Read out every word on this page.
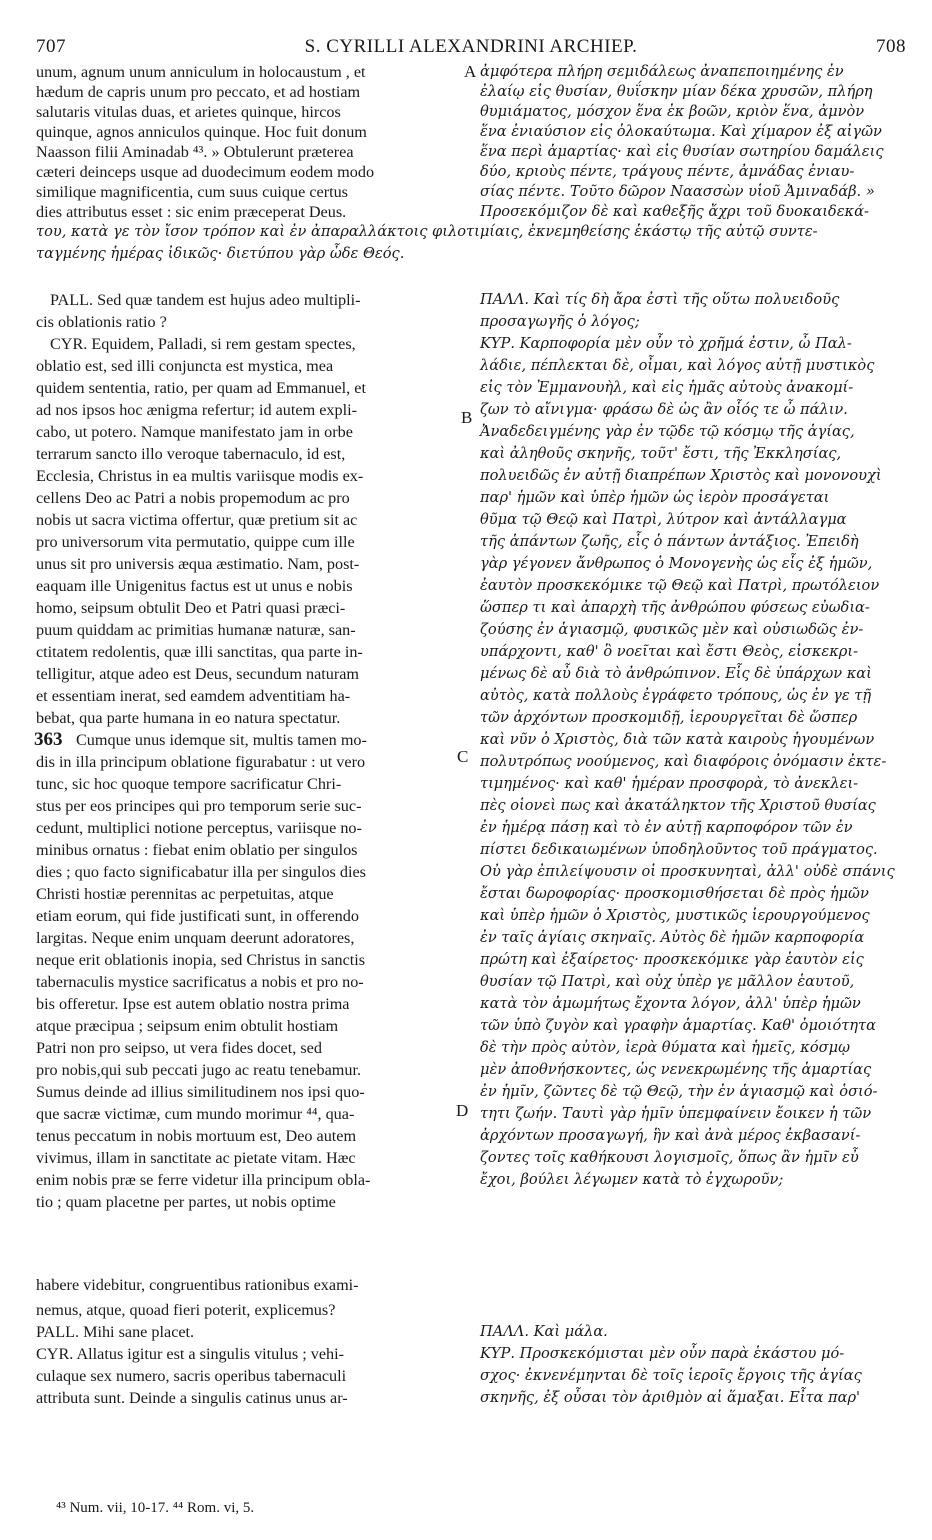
707	S. CYRILLI ALEXANDRINI ARCHIEP.	708
A
B
C
D
unum, agnum unum anniculum in holocaustum , et
hædum de capris unum pro peccato, et ad hostiam
salutaris vitulas duas, et arietes quinque, hircos
quinque, agnos anniculos quinque. Hoc fuit donum
Naasson filii Aminadab ⁴³. » Obtulerunt præterea
cæteri deinceps usque ad duodecimum eodem modo
similique magnificentia, cum suus cuique certus
dies attributus esset : sic enim præceperat Deus.
ἀμφότερα πλήρη σεμιδάλεως ἀναπεποιημένης ἐν
ἐλαίῳ εἰς θυσίαν, θυΐσκην μίαν δέκα χρυσῶν, πλήρη
θυμιάματος, μόσχον ἕνα ἐκ βοῶν, κριὸν ἕνα, ἀμνὸν
ἕνα ἐνιαύσιον εἰς ὁλοκαύτωμα. Καὶ χίμαρον ἐξ αἰγῶν
ἕνα περὶ ἁμαρτίας· καὶ εἰς θυσίαν σωτηρίου δαμάλεις
δύο, κριοὺς πέντε, τράγους πέντε, ἀμνάδας ἐνιαυ-
σίας πέντε. Τοῦτο δῶρον Ναασσὼν υἱοῦ Ἀμιναδάβ. »
Προσεκόμιζον δὲ καὶ καθεξῆς ἄχρι τοῦ δυοκαιδεκά-
του, κατὰ γε τὸν ἴσον τρόπον καὶ ἐν ἀπαραλλάκτοις φιλοτιμίαις, ἐκνεμηθείσης ἑκάστῳ τῆς αὐτῷ συντε-
ταγμένης ἡμέρας ἰδικῶς· διετύπου γὰρ ὧδε Θεός.
PALL. Sed quæ tandem est hujus adeo multipli-
cis oblationis ratio ?
CYR. Equidem, Palladi, si rem gestam spectes,
oblatio est, sed illi conjuncta est mystica, mea
quidem sententia, ratio, per quam ad Emmanuel, et
ad nos ipsos hoc ænigma refertur; id autem expli-
cabo, ut potero. Namque manifestato jam in orbe
terrarum sancto illo veroque tabernaculo, id est,
Ecclesia, Christus in ea multis variisque modis ex-
cellens Deo ac Patri a nobis propemodum ac pro
nobis ut sacra victima offertur, quæ pretium sit ac
pro universorum vita permutatio, quippe cum ille
unus sit pro universis æqua æstimatio. Nam, post-
eaquam ille Unigenitus factus est ut unus e nobis
homo, seipsum obtulit Deo et Patri quasi præci-
puum quiddam ac primitias humanæ naturæ, san-
ctitatem redolentis, quæ illi sanctitas, qua parte in-
telligitur, atque adeo est Deus, secundum naturam
et essentiam inerat, sed eamdem adventitiam ha-
bebat, qua parte humana in eo natura spectatur.
Cumque unus idemque sit, multis tamen mo-
dis in illa principum oblatione figurabatur : ut vero
tunc, sic hoc quoque tempore sacrificatur Chri-
stus per eos principes qui pro temporum serie suc-
cedunt, multiplici notione perceptus, variisque no-
minibus ornatus : fiebat enim oblatio per singulos
dies ; quo facto significabatur illa per singulos dies
Christi hostiæ perennitas ac perpetuitas, atque
etiam eorum, qui fide justificati sunt, in offerendo
largitas. Neque enim unquam deerunt adoratores,
neque erit oblationis inopia, sed Christus in sanctis
tabernaculis mystice sacrificatus a nobis et pro no-
bis offeretur. Ipse est autem oblatio nostra prima
atque præcipua ; seipsum enim obtulit hostiam
Patri non pro seipso, ut vera fides docet, sed
pro nobis,qui sub peccati jugo ac reatu tenebamur.
Sumus deinde ad illius similitudinem nos ipsi quo-
que sacræ victimæ, cum mundo morimur ⁴⁴, qua-
tenus peccatum in nobis mortuum est, Deo autem
vivimus, illam in sanctitate ac pietate vitam. Hæc
enim nobis præ se ferre videtur illa principum obla-
tio ; quam placetne per partes, ut nobis optime
363
ΠΑΛΛ. Καὶ τίς δὴ ἄρα ἐστὶ τῆς οὕτω πολυειδοῦς
προσαγωγῆς ὁ λόγος;
ΚΥΡ. Καρποφορία μὲν οὖν τὸ χρῆμά ἐστιν, ὦ Παλ-
λάδιε, πέπλεκται δὲ, οἶμαι, καὶ λόγος αὐτῇ μυστικὸς
εἰς τὸν Ἐμμανουὴλ, καὶ εἰς ἡμᾶς αὐτοὺς ἀνακομί-
ζων τὸ αἴνιγμα· φράσω δὲ ὡς ἂν οἷός τε ὦ πάλιν.
Ἀναδεδειγμένης γὰρ ἐν τῷδε τῷ κόσμῳ τῆς ἁγίας,
καὶ ἀληθοῦς σκηνῆς, τοῦτ' ἔστι, τῆς Ἐκκλησίας,
πολυειδῶς ἐν αὐτῇ διαπρέπων Χριστὸς καὶ μονονουχὶ
παρ' ἡμῶν καὶ ὑπὲρ ἡμῶν ὡς ἱερὸν προσάγεται
θῦμα τῷ Θεῷ καὶ Πατρὶ, λύτρον καὶ ἀντάλλαγμα
τῆς ἁπάντων ζωῆς, εἷς ὁ πάντων ἀντάξιος. Ἐπειδὴ
γὰρ γέγονεν ἄνθρωπος ὁ Μονογενὴς ὡς εἷς ἐξ ἡμῶν,
ἑαυτὸν προσκεκόμικε τῷ Θεῷ καὶ Πατρὶ, πρωτόλειον
ὥσπερ τι καὶ ἀπαρχὴ τῆς ἀνθρώπου φύσεως εὐωδια-
ζούσης ἐν ἁγιασμῷ, φυσικῶς μὲν καὶ οὐσιωδῶς ἐν-
υπάρχοντι, καθ' ὃ νοεῖται καὶ ἔστι Θεὸς, εἰσκεκρι-
μένως δὲ αὖ διὰ τὸ ἀνθρώπινον. Εἷς δὲ ὑπάρχων καὶ
αὐτὸς, κατὰ πολλοὺς ἐγράφετο τρόπους, ὡς ἐν γε τῇ
τῶν ἀρχόντων προσκομιδῇ, ἱερουργεῖται δὲ ὥσπερ
καὶ νῦν ὁ Χριστὸς, διὰ τῶν κατὰ καιροὺς ἡγουμένων
πολυτρόπως νοούμενος, καὶ διαφόροις ὀνόμασιν ἐκτε-
τιμημένος· καὶ καθ' ἡμέραν προσφορὰ, τὸ ἀνεκλει-
πὲς οἱονεὶ πως καὶ ἀκατάληκτον τῆς Χριστοῦ θυσίας
ἐν ἡμέρᾳ πάσῃ καὶ τὸ ἐν αὐτῇ καρποφόρον τῶν ἐν
πίστει δεδικαιωμένων ὑποδηλοῦντος τοῦ πράγματος.
Οὐ γὰρ ἐπιλείψουσιν οἱ προσκυνηταὶ, ἀλλ' οὐδὲ σπάνις
ἔσται δωροφορίας· προσκομισθήσεται δὲ πρὸς ἡμῶν
καὶ ὑπὲρ ἡμῶν ὁ Χριστὸς, μυστικῶς ἱερουργούμενος
ἐν ταῖς ἁγίαις σκηναῖς. Αὐτὸς δὲ ἡμῶν καρποφορία
πρώτη καὶ ἐξαίρετος· προσκεκόμικε γὰρ ἑαυτὸν εἰς
θυσίαν τῷ Πατρὶ, καὶ οὐχ ὑπὲρ γε μᾶλλον ἑαυτοῦ,
κατὰ τὸν ἀμωμήτως ἔχοντα λόγον, ἀλλ' ὑπὲρ ἡμῶν
τῶν ὑπὸ ζυγὸν καὶ γραφὴν ἁμαρτίας. Καθ' ὁμοιότητα
δὲ τὴν πρὸς αὐτὸν, ἱερὰ θύματα καὶ ἡμεῖς, κόσμῳ
μὲν ἀποθνήσκοντες, ὡς νενεκρωμένης τῆς ἁμαρτίας
ἐν ἡμῖν, ζῶντες δὲ τῷ Θεῷ, τὴν ἐν ἁγιασμῷ καὶ ὁσιό-
τητι ζωήν. Ταυτὶ γὰρ ἡμῖν ὑπεμφαίνειν ἔοικεν ἡ τῶν
ἀρχόντων προσαγωγή, ἣν καὶ ἀνὰ μέρος ἐκβασανί-
ζοντες τοῖς καθήκουσι λογισμοῖς, ὅπως ἂν ἡμῖν εὖ
ἔχοι, βούλει λέγωμεν κατὰ τὸ ἐγχωροῦν;
habere videbitur, congruentibus rationibus exami-
nemus, atque, quoad fieri poterit, explicemus?
PALL. Mihi sane placet.
CYR. Allatus igitur est a singulis vitulus ; vehi-
culaque sex numero, sacris operibus tabernaculi
attributa sunt. Deinde a singulis catinus unus ar-
ΠΑΛΛ. Καὶ μάλα.
ΚΥΡ. Προσκεκόμισται μὲν οὖν παρὰ ἑκάστου μό-
σχος· ἐκνενέμηνται δὲ τοῖς ἱεροῖς ἔργοις τῆς ἁγίας
σκηνῆς, ἐξ οὖσαι τὸν ἀριθμὸν αἱ ἅμαξαι. Εἶτα παρ'
⁴³ Num. vii, 10-17. ⁴⁴ Rom. vi, 5.
